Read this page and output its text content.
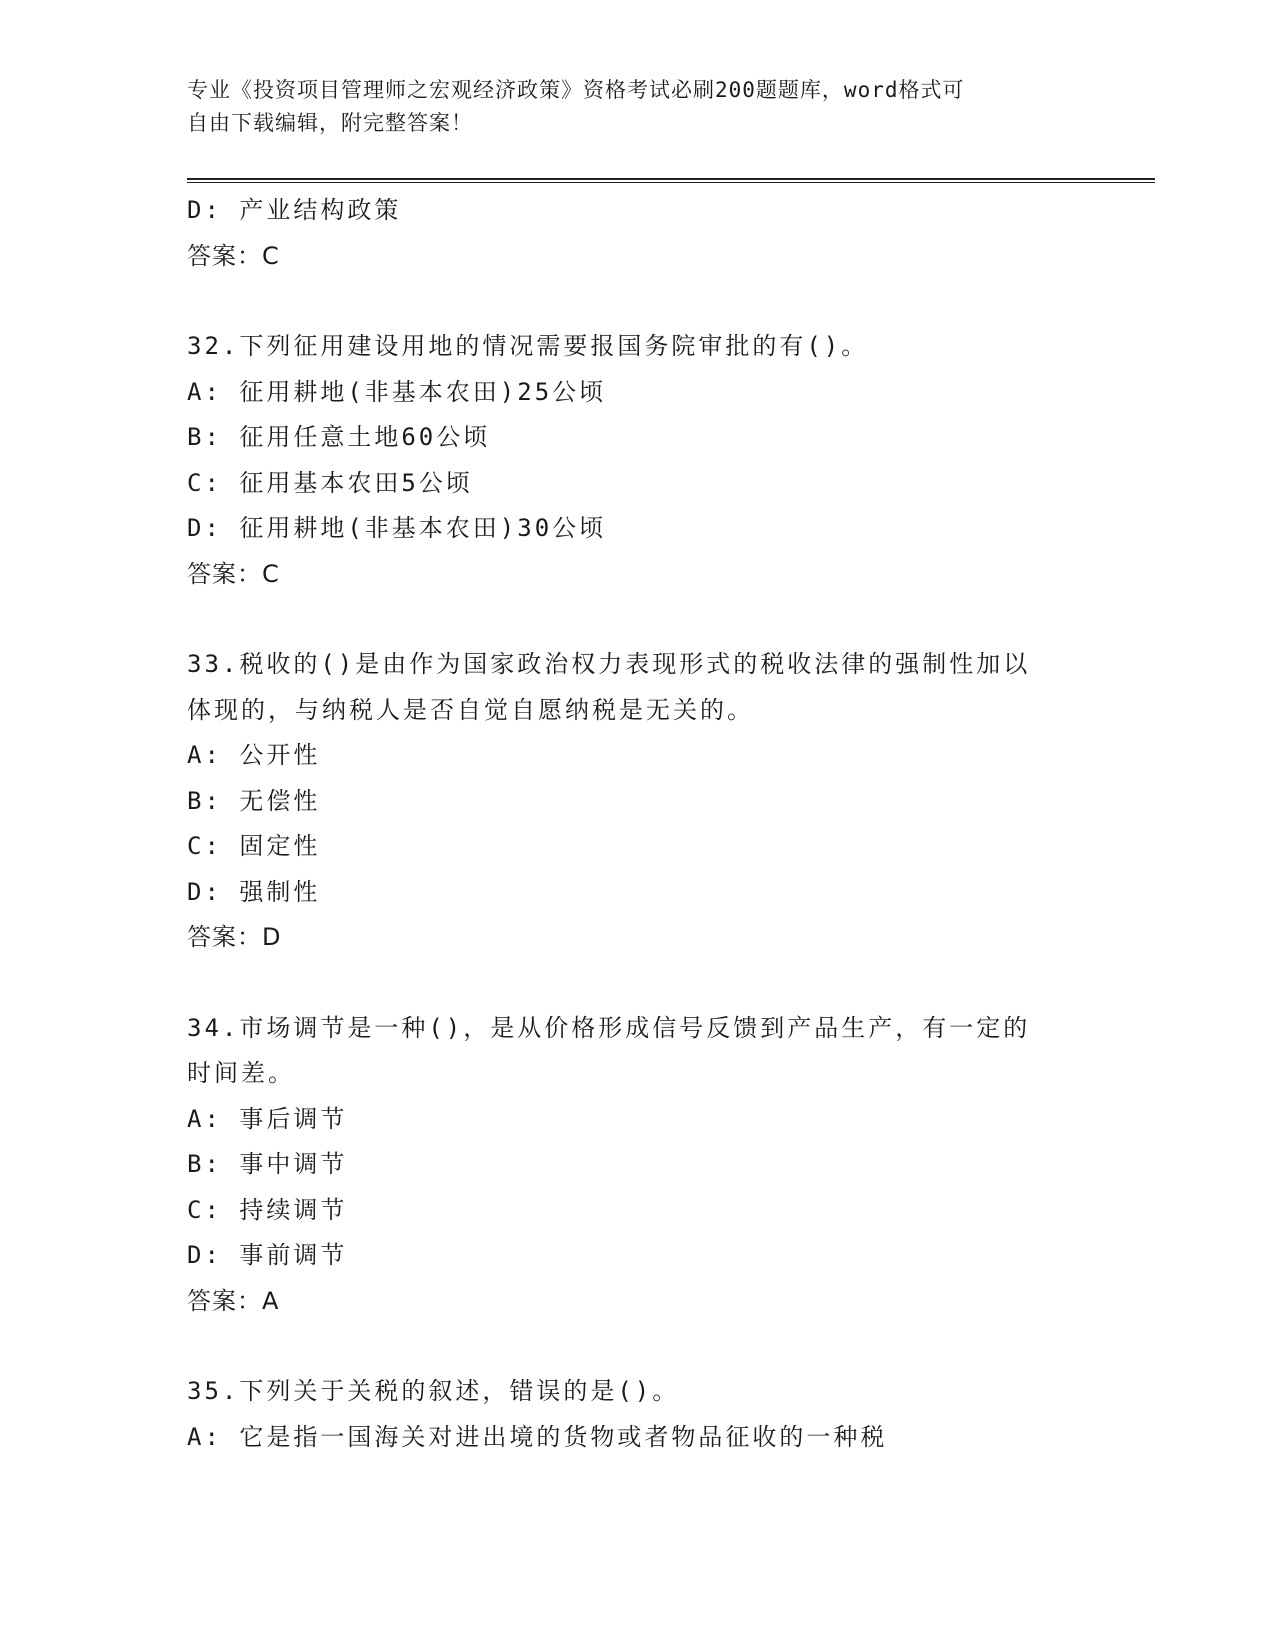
专业《投资项目管理师之宏观经济政策》资格考试必刷200题题库，word格式可
自由下载编辑，附完整答案！
D: 产业结构政策
答案：C
32.下列征用建设用地的情况需要报国务院审批的有()。
A: 征用耕地(非基本农田)25公顷
B: 征用任意土地60公顷
C: 征用基本农田5公顷
D: 征用耕地(非基本农田)30公顷
答案：C
33.税收的()是由作为国家政治权力表现形式的税收法律的强制性加以
体现的，与纳税人是否自觉自愿纳税是无关的。
A: 公开性
B: 无偿性
C: 固定性
D: 强制性
答案：D
34.市场调节是一种()，是从价格形成信号反馈到产品生产，有一定的
时间差。
A: 事后调节
B: 事中调节
C: 持续调节
D: 事前调节
答案：A
35.下列关于关税的叙述，错误的是()。
A: 它是指一国海关对进出境的货物或者物品征收的一种税
